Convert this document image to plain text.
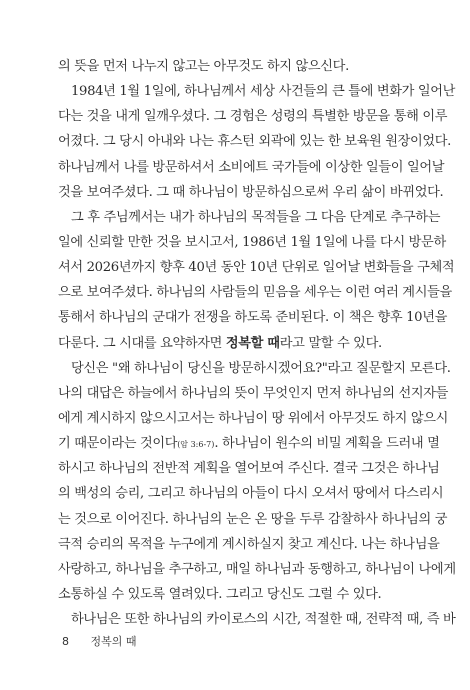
의 뜻을 먼저 나누지 않고는 아무것도 하지 않으신다.
1984년 1월 1일에, 하나님께서 세상 사건들의 큰 틀에 변화가 일어난
다는 것을 내게 일깨우셨다. 그 경험은 성령의 특별한 방문을 통해 이루
어졌다. 그 당시 아내와 나는 휴스턴 외곽에 있는 한 보육원 원장이었다.
하나님께서 나를 방문하셔서 소비에트 국가들에 이상한 일들이 일어날
것을 보여주셨다. 그 때 하나님이 방문하심으로써 우리 삶이 바뀌었다.
그 후 주님께서는 내가 하나님의 목적들을 그 다음 단계로 추구하는
일에 신뢰할 만한 것을 보시고서, 1986년 1월 1일에 나를 다시 방문하
셔서 2026년까지 향후 40년 동안 10년 단위로 일어날 변화들을 구체적
으로 보여주셨다. 하나님의 사람들의 믿음을 세우는 이런 여러 계시들을
통해서 하나님의 군대가 전쟁을 하도록 준비된다. 이 책은 향후 10년을
다룬다. 그 시대를 요약하자면 정복할 때라고 말할 수 있다.
당신은 "왜 하나님이 당신을 방문하시겠어요?"라고 질문할지 모른다.
나의 대답은 하늘에서 하나님의 뜻이 무엇인지 먼저 하나님의 선지자들
에게 계시하지 않으시고서는 하나님이 땅 위에서 아무것도 하지 않으시
기 때문이라는 것이다(암 3:6-7). 하나님이 원수의 비밀 계획을 드러내 멸
하시고 하나님의 전반적 계획을 열어보여 주신다. 결국 그것은 하나님
의 백성의 승리, 그리고 하나님의 아들이 다시 오셔서 땅에서 다스리시
는 것으로 이어진다. 하나님의 눈은 온 땅을 두루 감찰하사 하나님의 궁
극적 승리의 목적을 누구에게 계시하실지 찾고 계신다. 나는 하나님을
사랑하고, 하나님을 추구하고, 매일 하나님과 동행하고, 하나님이 나에게
소통하실 수 있도록 열려있다. 그리고 당신도 그럴 수 있다.
하나님은 또한 하나님의 카이로스의 시간, 적절한 때, 전략적 때, 즉 바
8 정복의 때
